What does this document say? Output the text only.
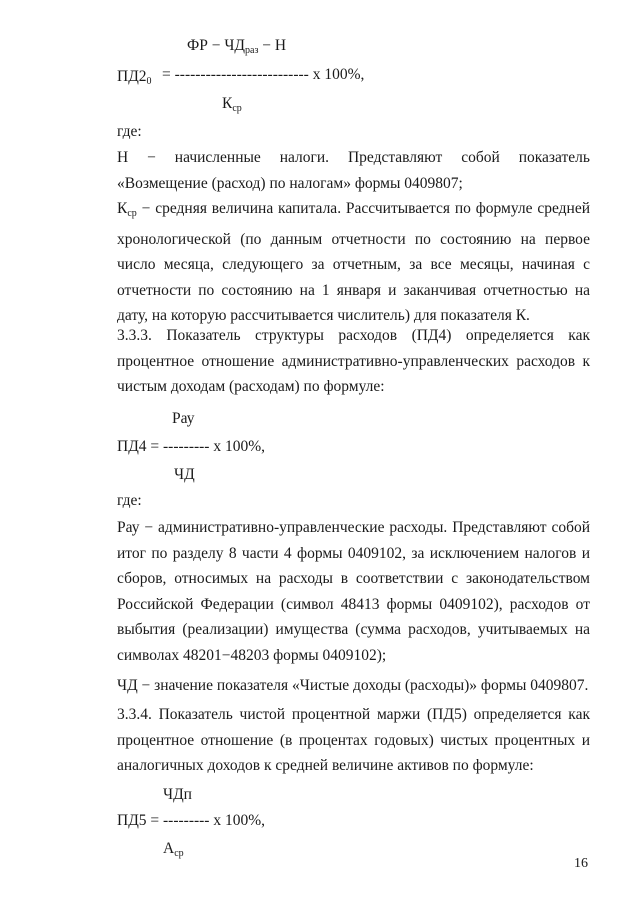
ФР − $ЧД_{раз} - Н$
$ПД2_0$ = -------------------------- х 100%,
$К_{ср}$
где:
Н − начисленные налоги. Представляют собой показатель «Возмещение (расход) по налогам» формы 0409807;
$К_{ср}$ − средняя величина капитала. Рассчитывается по формуле средней хронологической (по данным отчетности по состоянию на первое число месяца, следующего за отчетным, за все месяцы, начиная с отчетности по состоянию на 1 января и заканчивая отчетностью на дату, на которую рассчитывается числитель) для показателя К.
3.3.3. Показатель структуры расходов (ПД4) определяется как процентное отношение административно-управленческих расходов к чистым доходам (расходам) по формуле:
Рау
ПД4 = --------- х 100%,
ЧД
где:
Рау − административно-управленческие расходы. Представляют собой итог по разделу 8 части 4 формы 0409102, за исключением налогов и сборов, относимых на расходы в соответствии с законодательством Российской Федерации (символ 48413 формы 0409102), расходов от выбытия (реализации) имущества (сумма расходов, учитываемых на символах 48201−48203 формы 0409102);
ЧД − значение показателя «Чистые доходы (расходы)» формы 0409807.
3.3.4. Показатель чистой процентной маржи (ПД5) определяется как процентное отношение (в процентах годовых) чистых процентных и аналогичных доходов к средней величине активов по формуле:
ЧДп
ПД5 = --------- х 100%,
$А_{ср}$
16
